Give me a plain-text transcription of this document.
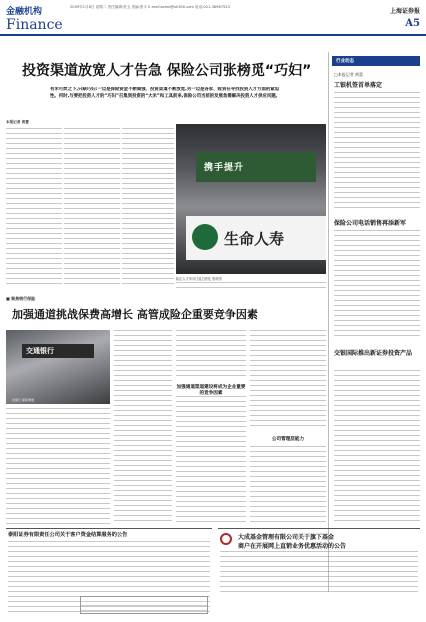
金融机构
Finance
2009年1月6日 星期二 责任编辑:张玉 美编:张平 E-mail:some@sh300.com 电话:021-38967523
上海证券报
A5
投资渠道放宽人才告急 保险公司张榜觅“巧妇”
有米可炊之下,只缺巧妇:一边是保险资金不断做强、投资渠道不断放宽,另一边是各家、险资在寻找投资人才方面的紧迫性。何时,与要把投资人才的“巧妇”召集到投资的“大米”和工具前来,保险公司当前的发展急需解决投资人才供应问题。
本报记者 黄蕾
携手提升
生命人寿
险企人才争夺日趋白热化 资料图
行业动态
□本报记者 黄蕾
工银机签首单落定
保险公司电话销售再添新军
交银国际推出新证券投资产品
■ 聚焦银行保险
加强通道挑战保费高增长 高管成险企重要竞争因素
交通银行
在银行 保险渠道
加强通道渠道建设将成为企业重要的竞争因素
公司管理层能力
泰阳证券有限责任公司关于客户资金结算服务的公告	大成基金管理有限公司关于旗下基金
商户在开展网上直销业务优惠活动的公告
